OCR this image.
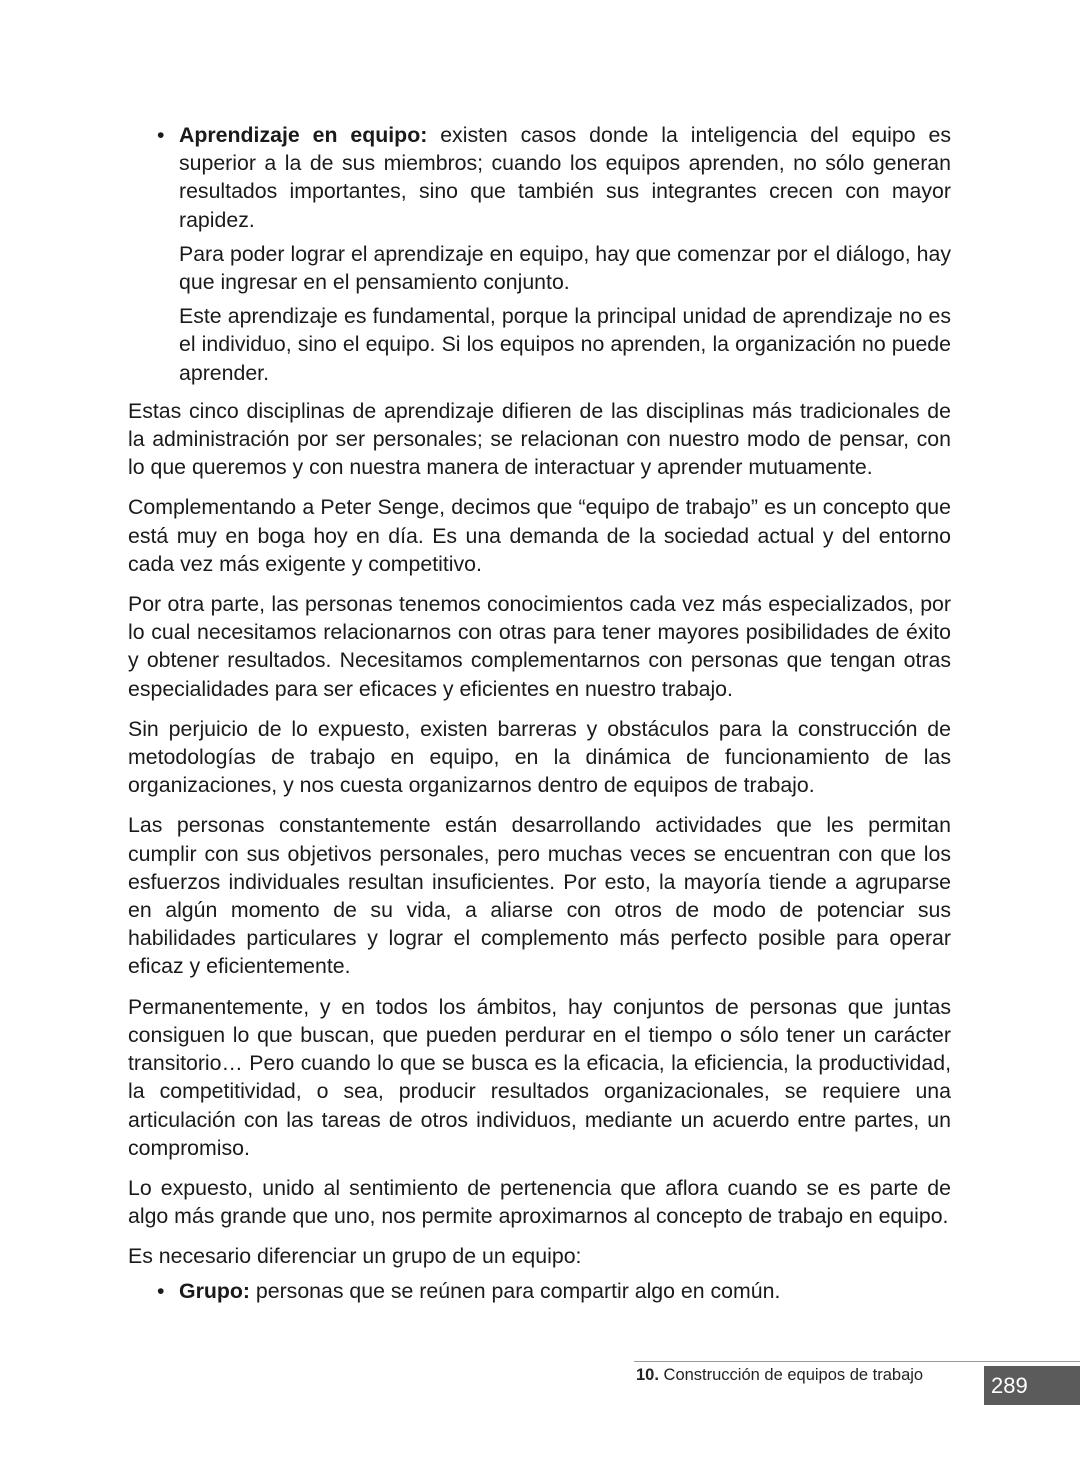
• Aprendizaje en equipo: existen casos donde la inteligencia del equipo es superior a la de sus miembros; cuando los equipos aprenden, no sólo generan resultados importantes, sino que también sus integrantes crecen con mayor rapidez.

Para poder lograr el aprendizaje en equipo, hay que comenzar por el diálogo, hay que ingresar en el pensamiento conjunto.

Este aprendizaje es fundamental, porque la principal unidad de aprendizaje no es el individuo, sino el equipo. Si los equipos no aprenden, la organización no puede aprender.

Estas cinco disciplinas de aprendizaje difieren de las disciplinas más tradicionales de la administración por ser personales; se relacionan con nuestro modo de pensar, con lo que queremos y con nuestra manera de interactuar y aprender mutuamente.

Complementando a Peter Senge, decimos que “equipo de trabajo” es un concepto que está muy en boga hoy en día. Es una demanda de la sociedad actual y del entorno cada vez más exigente y competitivo.

Por otra parte, las personas tenemos conocimientos cada vez más especializados, por lo cual necesitamos relacionarnos con otras para tener mayores posibilidades de éxito y obtener resultados. Necesitamos complementarnos con personas que tengan otras especialidades para ser eficaces y eficientes en nuestro trabajo.

Sin perjuicio de lo expuesto, existen barreras y obstáculos para la construcción de metodologías de trabajo en equipo, en la dinámica de funcionamiento de las organizaciones, y nos cuesta organizarnos dentro de equipos de trabajo.

Las personas constantemente están desarrollando actividades que les permitan cumplir con sus objetivos personales, pero muchas veces se encuentran con que los esfuerzos individuales resultan insuficientes. Por esto, la mayoría tiende a agruparse en algún momento de su vida, a aliarse con otros de modo de potenciar sus habilidades particulares y lograr el complemento más perfecto posible para operar eficaz y eficientemente.

Permanentemente, y en todos los ámbitos, hay conjuntos de personas que juntas consiguen lo que buscan, que pueden perdurar en el tiempo o sólo tener un carácter transitorio… Pero cuando lo que se busca es la eficacia, la eficiencia, la productividad, la competitividad, o sea, producir resultados organizacionales, se requiere una articulación con las tareas de otros individuos, mediante un acuerdo entre partes, un compromiso.

Lo expuesto, unido al sentimiento de pertenencia que aflora cuando se es parte de algo más grande que uno, nos permite aproximarnos al concepto de trabajo en equipo.

Es necesario diferenciar un grupo de un equipo:

• Grupo: personas que se reúnen para compartir algo en común.

10. Construcción de equipos de trabajo	289
